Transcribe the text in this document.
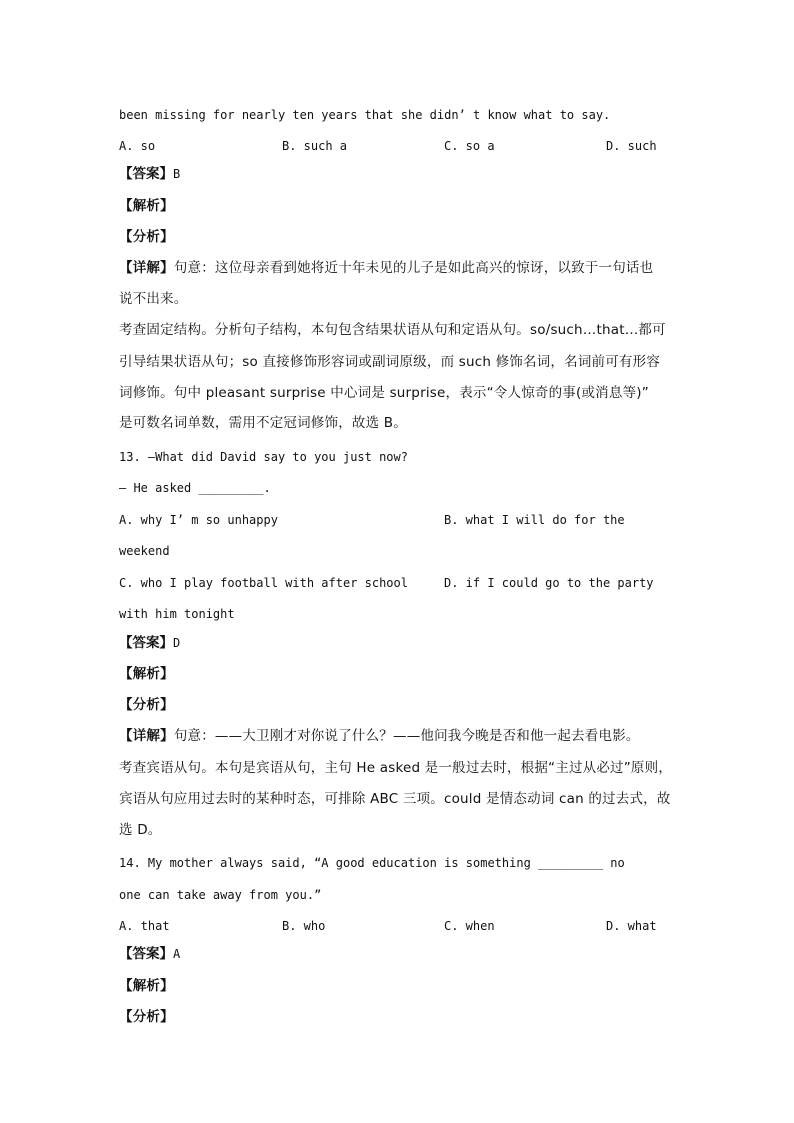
been missing for nearly ten years that she didn’ t know what to say.
A. so	B. such a	C. so a	D. such
【答案】B
【解析】
【分析】
【详解】句意：这位母亲看到她将近十年未见的儿子是如此高兴的惊讶，以致于一句话也
说不出来。
考查固定结构。分析句子结构，本句包含结果状语从句和定语从句。so/such…that…都可
引导结果状语从句；so 直接修饰形容词或副词原级，而 such 修饰名词，名词前可有形容
词修饰。句中 pleasant surprise 中心词是 surprise，表示“令人惊奇的事(或消息等)”
是可数名词单数，需用不定冠词修饰，故选 B。
13. —What did David say to you just now?
— He asked _________.
A. why I’ m so unhappy	B. what I will do for the
weekend
C. who I play football with after school	D. if I could go to the party
with him tonight
【答案】D
【解析】
【分析】
【详解】句意：——大卫刚才对你说了什么？——他问我今晚是否和他一起去看电影。
考查宾语从句。本句是宾语从句，主句 He asked 是一般过去时，根据“主过从必过”原则，
宾语从句应用过去时的某种时态，可排除 ABC 三项。could 是情态动词 can 的过去式，故
选 D。
14. My mother always said, “A good education is something _________ no
one can take away from you.”
A. that	B. who	C. when	D. what
【答案】A
【解析】
【分析】
